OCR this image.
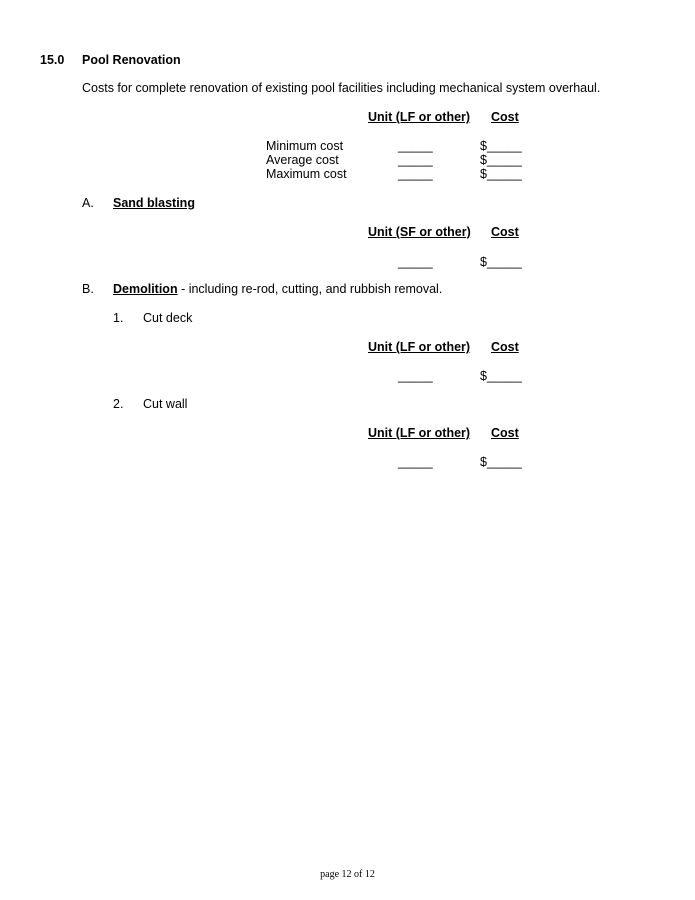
15.0 Pool Renovation
Costs for complete renovation of existing pool facilities including mechanical system overhaul.
Unit (LF or other) Cost
Minimum cost	_____	$_____
Average cost	_____	$_____
Maximum cost	_____	$_____
A. Sand blasting
Unit (SF or other) Cost
_____	$_____
B. Demolition - including re-rod, cutting, and rubbish removal.
1. Cut deck
Unit (LF or other) Cost
_____	$_____
2. Cut wall
Unit (LF or other) Cost
_____	$_____
page 12 of 12
